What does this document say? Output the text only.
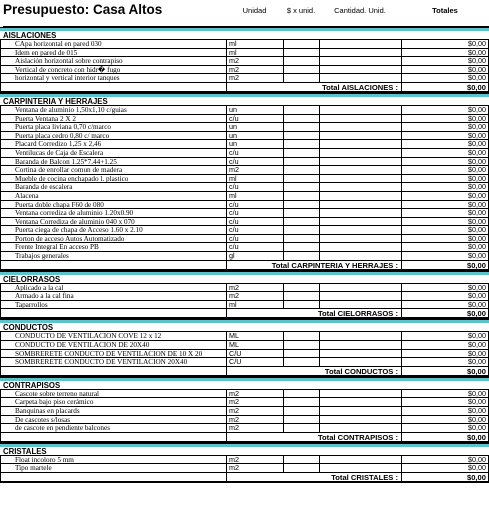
Presupuesto: Casa Altos	Unidad	$ x unid.	Cantidad. Unid.	Totales
AISLACIONES
CApa horizontal en pared 030	ml	$0,00
Idem en pared de 015	ml	$0,00
Aislación horizontal sobre contrapiso	m2	$0,00
Vertical de concreto con hidr� fugo	m2	$0,00
horizontal y vertical interior tanques	m2	$0,00
Total AISLACIONES :	$0,00
CARPINTERIA Y HERRAJES
Ventana de aluminio 1,50x1,10 c/guias	un	$0,00
Puerta Ventana 2 X 2	c/u	$0,00
Puerta placa liviana 0,70 c/marco	un	$0,00
Puerta placa cedro 0,80 c/ marco	un	$0,00
Placard Corredizo 1,25 x 2,46	un	$0,00
Ventilucas de Caja de Escalera	c/u	$0,00
Baranda de Balcon 1.25*7.44+1.25	c/u	$0,00
Cortina de enrollar comun de madera	m2	$0,00
Mueble de cocina enchapado l. plastico	ml	$0,00
Baranda de escalera	c/u	$0,00
Alacena	ml	$0,00
Puerta doble chapa F60 de 080	c/u	$0,00
Ventana corrediza de aluminio 1.20x0.90	c/u	$0,00
Ventana Corrediza de aluminio 040 x 070	c/u	$0,00
Puerta ciega de chapa de Acceso 1.60 x 2.10	c/u	$0,00
Porton de acceso Autos Automatizado	c/u	$0,00
Frente Integral En acceso PB	c/u	$0,00
Trabajos generales	gl	$0,00
Total CARPINTERIA Y HERRAJES :	$0,00
CIELORRASOS
Aplicado a la cal	m2	$0,00
Armado a la cal fina	m2	$0,00
Taparrollos	ml	$0,00
Total CIELORRASOS :	$0,00
CONDUCTOS
CONDUCTO DE VENTILACION COVE 12 x 12	ML	$0,00
CONDUCTO DE VENTILACION DE 20X40	ML	$0,00
SOMBRERETE CONDUCTO DE VENTILACION DE 10 X 20	C/U	$0,00
SOMBRERETE CONDUCTO DE VENTILACION 20X40	C/U	$0,00
Total CONDUCTOS :	$0,00
CONTRAPISOS
Cascote sobre terreno natural	m2	$0,00
Carpeta bajo piso cerámico	m2	$0,00
Banquinas en placards	m2	$0,00
De cascotes s/losas	m2	$0,00
de cascote en pendiente balcones	m2	$0,00
Total CONTRAPISOS :	$0,00
CRISTALES
Float incoloro 5 mm	m2	$0,00
Tipo martele	m2	$0,00
Total CRISTALES :	$0,00
